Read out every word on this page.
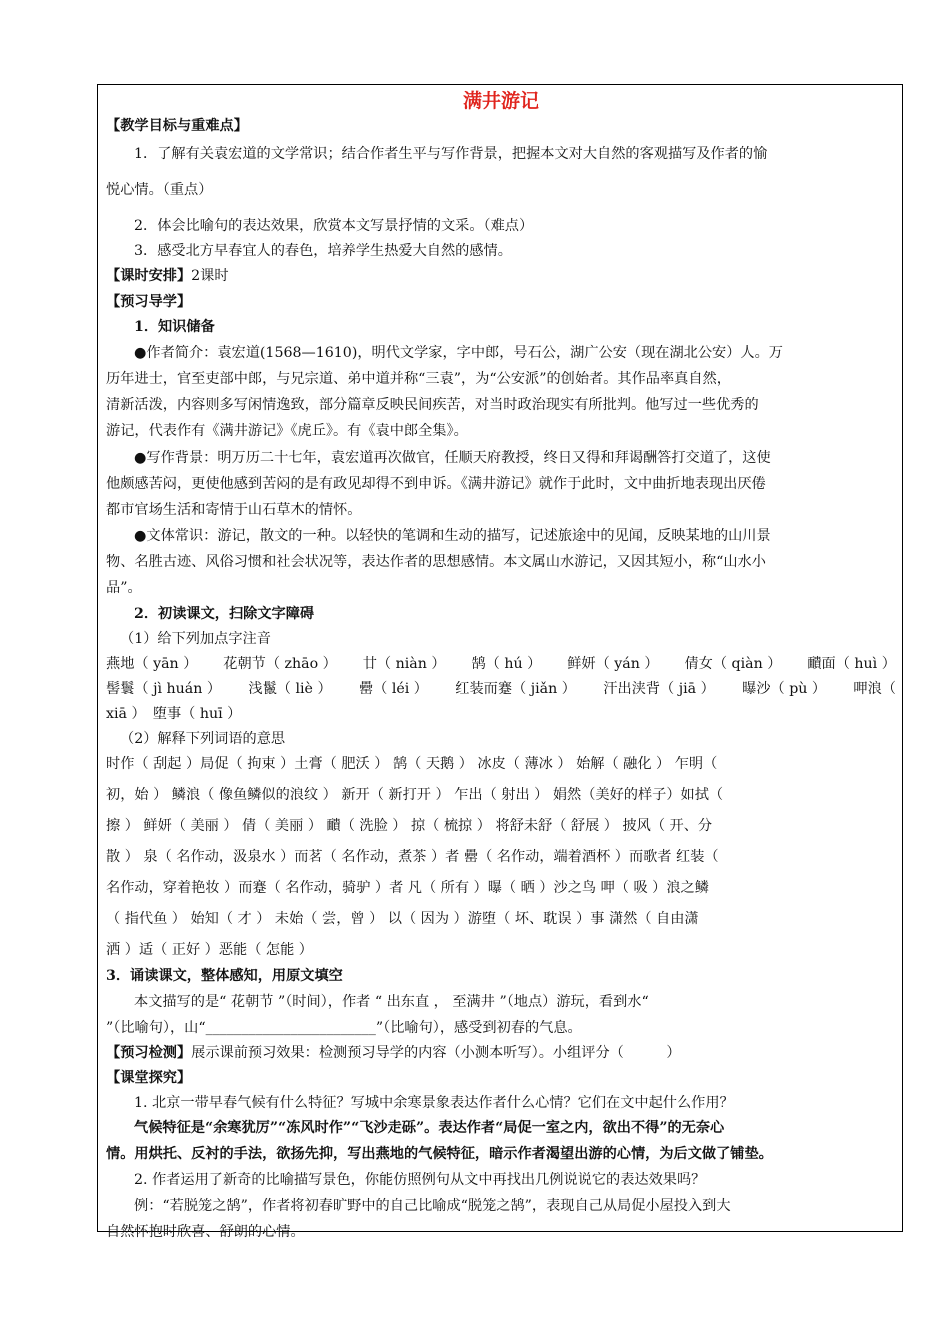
满井游记
【教学目标与重难点】
1．了解有关袁宏道的文学常识；结合作者生平与写作背景，把握本文对大自然的客观描写及作者的愉
悦心情。（重点）
2．体会比喻句的表达效果，欣赏本文写景抒情的文采。（难点）
3．感受北方早春宜人的春色，培养学生热爱大自然的感情。
【课时安排】2课时
【预习导学】
1．知识储备
●作者简介：袁宏道(1568—1610)，明代文学家，字中郎，号石公，湖广公安（现在湖北公安）人。万
历年进士，官至吏部中郎，与兄宗道、弟中道并称“三袁”，为“公安派”的创始者。其作品率真自然，
清新活泼，内容则多写闲情逸致，部分篇章反映民间疾苦，对当时政治现实有所批判。他写过一些优秀的
游记，代表作有《满井游记》《虎丘》。有《袁中郎全集》。
●写作背景：明万历二十七年，袁宏道再次做官，任顺天府教授，终日又得和拜谒酬答打交道了，这使
他颇感苦闷，更使他感到苦闷的是有政见却得不到申诉。《满井游记》就作于此时，文中曲折地表现出厌倦
都市官场生活和寄情于山石草木的情怀。
●文体常识：游记，散文的一种。以轻快的笔调和生动的描写，记述旅途中的见闻，反映某地的山川景
物、名胜古迹、风俗习惯和社会状况等，表达作者的思想感情。本文属山水游记，又因其短小，称“山水小
品”。
2．初读课文，扫除文字障碍
（1）给下列加点字注音
燕地（ yān ） 花朝节（ zhāo ） 廿（ niàn ） 鹄（ hú ） 鲜妍（ yán ） 倩女（ qiàn ） 靧面（ huì ）
髻鬟（ jì huán ） 浅鬣（ liè ） 罍（ léi ） 红装而蹇（ jiǎn ） 汗出浃背（ jiā ） 曝沙（ pù ） 呷浪（
xiā ）　堕事（ huī ）
（2）解释下列词语的意思
时作（ 刮起 ）局促（ 拘束 ）土膏（ 肥沃 ） 鹄（ 天鹅 ） 冰皮（ 薄冰 ） 始解（ 融化 ） 乍明（
初，始 ） 鳞浪（ 像鱼鳞似的浪纹 ） 新开（ 新打开 ） 乍出（ 射出 ） 娟然（美好的样子）如拭（
擦 ） 鲜妍（ 美丽 ） 倩（ 美丽 ） 靧（ 洗脸 ） 掠（ 梳掠 ） 将舒未舒（ 舒展 ） 披风（ 开、分
散 ） 泉（ 名作动，汲泉水 ）而茗（ 名作动，煮茶 ）者 罍（ 名作动，端着酒杯 ）而歌者 红装（
名作动，穿着艳妆 ）而蹇（ 名作动，骑驴 ）者 凡（ 所有 ）曝（ 晒 ）沙之鸟 呷（ 吸 ）浪之鳞
（ 指代鱼 ） 始知（ 才 ） 未始（ 尝，曾 ） 以（ 因为 ）游堕（ 坏、耽误 ）事 潇然（ 自由潇
洒 ）适（ 正好 ）恶能（ 怎能 ）
3．诵读课文，整体感知，用原文填空
本文描写的是“ 花朝节 ”（时间），作者 “ 出东直 ， 至满井 ”（地点）游玩，看到水“
”（比喻句），山“________________________”（比喻句），感受到初春的气息。
【预习检测】展示课前预习效果：检测预习导学的内容（小测本听写）。小组评分（　　　）
【课堂探究】
1. 北京一带早春气候有什么特征？写城中余寒景象表达作者什么心情？它们在文中起什么作用？
气候特征是“余寒犹厉”“冻风时作”“飞沙走砾”。表达作者“局促一室之内，欲出不得”的无奈心
情。用烘托、反衬的手法，欲扬先抑，写出燕地的气候特征，暗示作者渴望出游的心情，为后文做了铺垫。
2. 作者运用了新奇的比喻描写景色，你能仿照例句从文中再找出几例说说它的表达效果吗？
例：“若脱笼之鹄”，作者将初春旷野中的自己比喻成“脱笼之鹄”，表现自己从局促小屋投入到大
自然怀抱时欣喜、舒朗的心情。
